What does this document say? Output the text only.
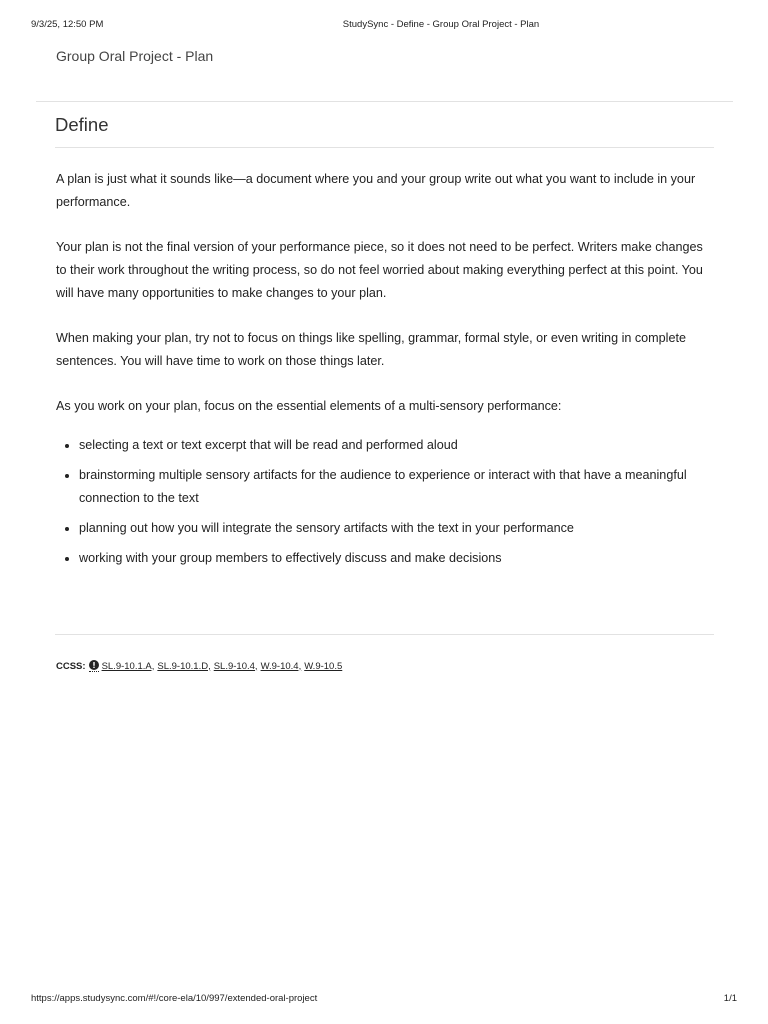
9/3/25, 12:50 PM	StudySync - Define - Group Oral Project - Plan
Group Oral Project - Plan
Define

A plan is just what it sounds like—a document where you and your group write out what you want to include in your performance.

Your plan is not the final version of your performance piece, so it does not need to be perfect. Writers make changes to their work throughout the writing process, so do not feel worried about making everything perfect at this point. You will have many opportunities to make changes to your plan.

When making your plan, try not to focus on things like spelling, grammar, formal style, or even writing in complete sentences. You will have time to work on those things later.

As you work on your plan, focus on the essential elements of a multi-sensory performance:

• selecting a text or text excerpt that will be read and performed aloud
• brainstorming multiple sensory artifacts for the audience to experience or interact with that have a meaningful connection to the text
• planning out how you will integrate the sensory artifacts with the text in your performance
• working with your group members to effectively discuss and make decisions
CCSS: SL.9-10.1.A, SL.9-10.1.D, SL.9-10.4, W.9-10.4, W.9-10.5
https://apps.studysync.com/#!/core-ela/10/997/extended-oral-project	1/1
